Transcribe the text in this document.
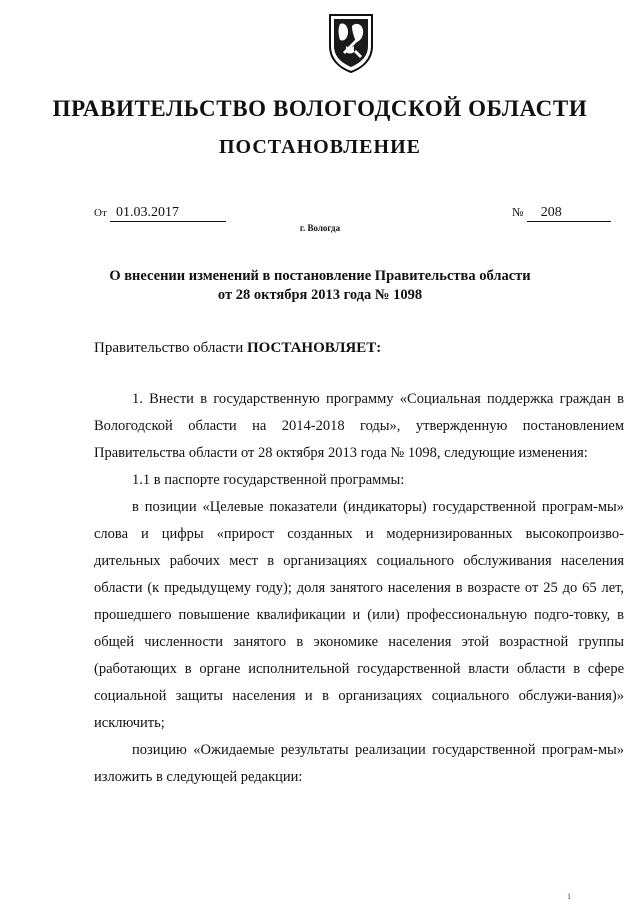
ПРАВИТЕЛЬСТВО ВОЛОГОДСКОЙ ОБЛАСТИ
ПОСТАНОВЛЕНИЕ
От 01.03.2017	№ 208
г. Вологда
О внесении изменений в постановление Правительства области
от 28 октября 2013 года № 1098
Правительство области ПОСТАНОВЛЯЕТ:

1. Внести в государственную программу «Социальная поддержка граждан в Вологодской области на 2014-2018 годы», утвержденную постановлением Правительства области от 28 октября 2013 года № 1098, следующие изменения:

1.1 в паспорте государственной программы:

в позиции «Целевые показатели (индикаторы) государственной програм-мы» слова и цифры «прирост созданных и модернизированных высокопроизво-дительных рабочих мест в организациях социального обслуживания населения области (к предыдущему году); доля занятого населения в возрасте от 25 до 65 лет, прошедшего повышение квалификации и (или) профессиональную подго-товку, в общей численности занятого в экономике населения этой возрастной группы (работающих в органе исполнительной государственной власти области в сфере социальной защиты населения и в организациях социального обслужи-вания)» исключить;

позицию «Ожидаемые результаты реализации государственной програм-мы» изложить в следующей редакции:

1
